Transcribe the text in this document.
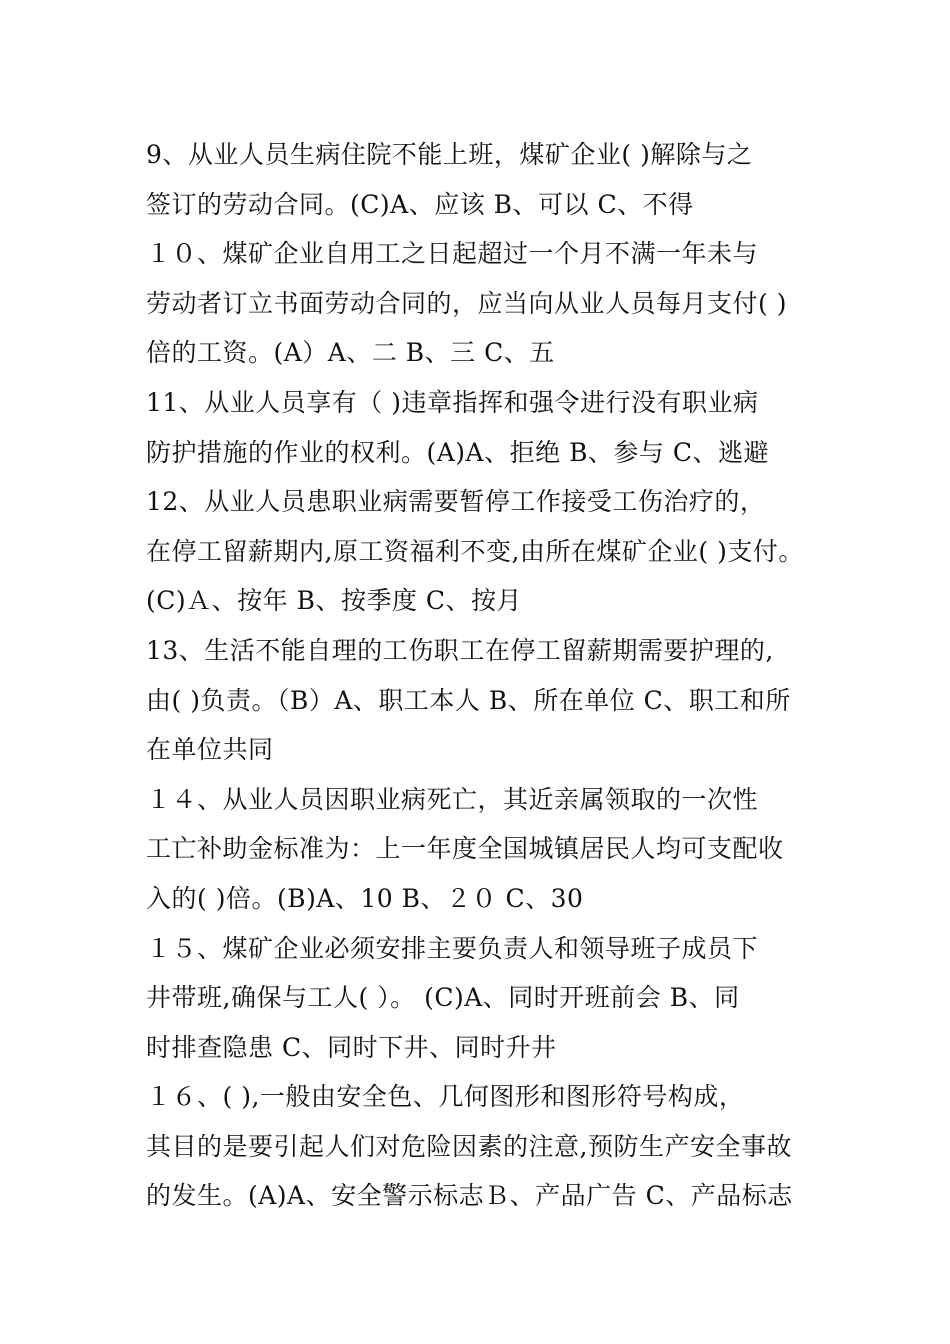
9、从业人员生病住院不能上班，煤矿企业( )解除与之
签订的劳动合同。(C)A、应该 B、可以 C、不得
１０、煤矿企业自用工之日起超过一个月不满一年未与
劳动者订立书面劳动合同的，应当向从业人员每月支付( )
倍的工资。(A）A、二 B、三 C、五
11、从业人员享有（ )违章指挥和强令进行没有职业病
防护措施的作业的权利。(A)A、拒绝 B、参与 C、逃避
12、从业人员患职业病需要暂停工作接受工伤治疗的，
在停工留薪期内,原工资福利不变,由所在煤矿企业( )支付。
(C)Ａ、按年 B、按季度 C、按月
13、生活不能自理的工伤职工在停工留薪期需要护理的,
由( )负责。（B）A、职工本人 B、所在单位 C、职工和所
在单位共同
１４、从业人员因职业病死亡，其近亲属领取的一次性
工亡补助金标准为：上一年度全国城镇居民人均可支配收
入的( )倍。(B)A、10 B、２０ C、30
１５、煤矿企业必须安排主要负责人和领导班子成员下
井带班,确保与工人( ）。 (C)A、同时开班前会 B、同
时排查隐患 C、同时下井、同时升井
１６、( ),一般由安全色、几何图形和图形符号构成，
其目的是要引起人们对危险因素的注意,预防生产安全事故
的发生。(A)A、安全警示标志Ｂ、产品广告 C、产品标志
